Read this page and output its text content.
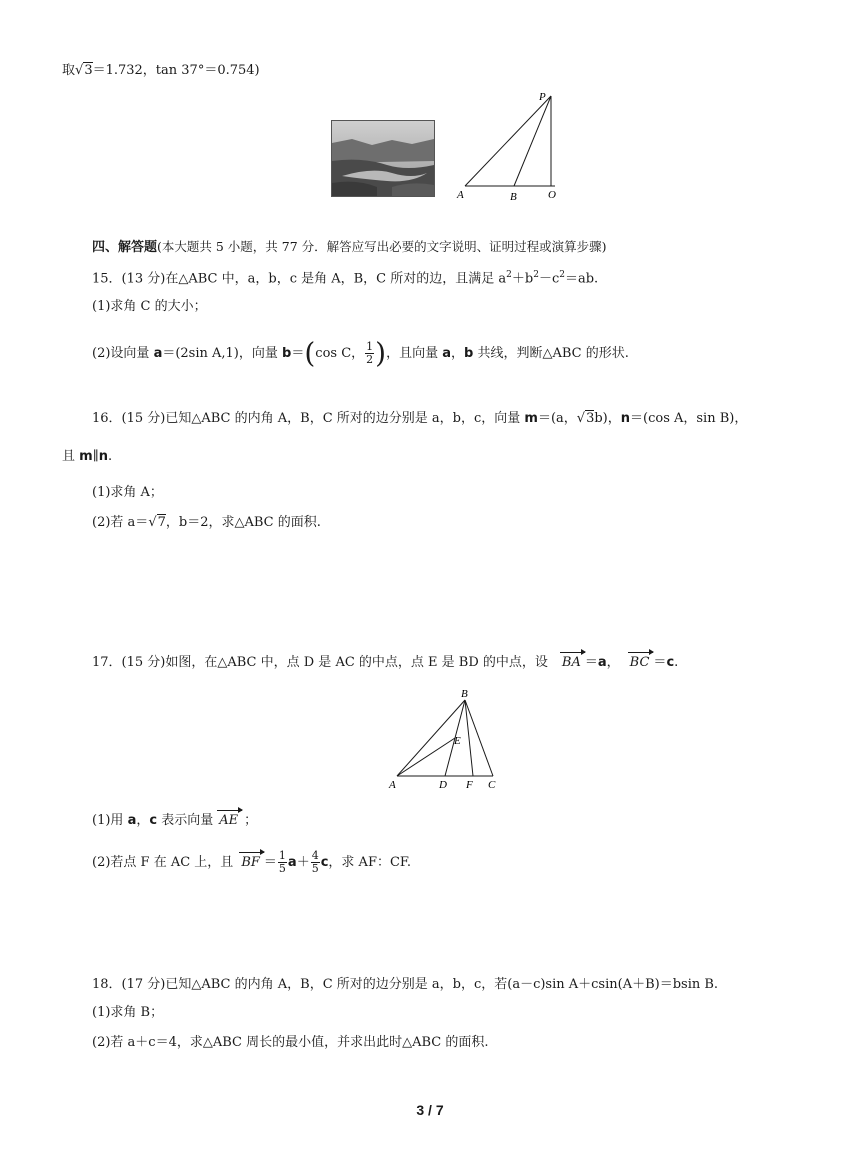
取√3＝1.732，tan 37°＝0.754)
P
A	B	O
四、解答题(本大题共 5 小题，共 77 分．解答应写出必要的文字说明、证明过程或演算步骤)
15．(13 分)在△ABC 中，a，b，c 是角 A，B，C 所对的边，且满足 $a^2+b^2-c^2=ab$.
(1)求角 C 的大小；
(2)设向量 a＝(2sin A,1)，向量 b＝(cos C， $\frac{1}{2}$ )，且向量 a，b 共线，判断△ABC 的形状.
16．(15 分)已知△ABC 的内角 A，B，C 所对的边分别是 a，b，c，向量 m＝(a，√3b)，n＝(cos A，sin B)，
且 m∥n.
(1)求角 A；
(2)若 a＝√7，b＝2，求△ABC 的面积.
17．(15 分)如图，在△ABC 中，点 D 是 AC 的中点，点 E 是 BD 的中点，设 BA ＝a， BC ＝c.
B
E
A	D F C
(1)用 a，c 表示向量 AE ；
(2)若点 F 在 AC 上，且 BF ＝ $\frac{1}{5} a+ \frac{4}{5}$ c，求 AF：CF.
18．(17 分)已知△ABC 的内角 A，B，C 所对的边分别是 a，b，c，若(a－c)sin A＋csin(A＋B)＝bsin B.
(1)求角 B；
(2)若 a＋c＝4，求△ABC 周长的最小值，并求出此时△ABC 的面积.
3 / 7
